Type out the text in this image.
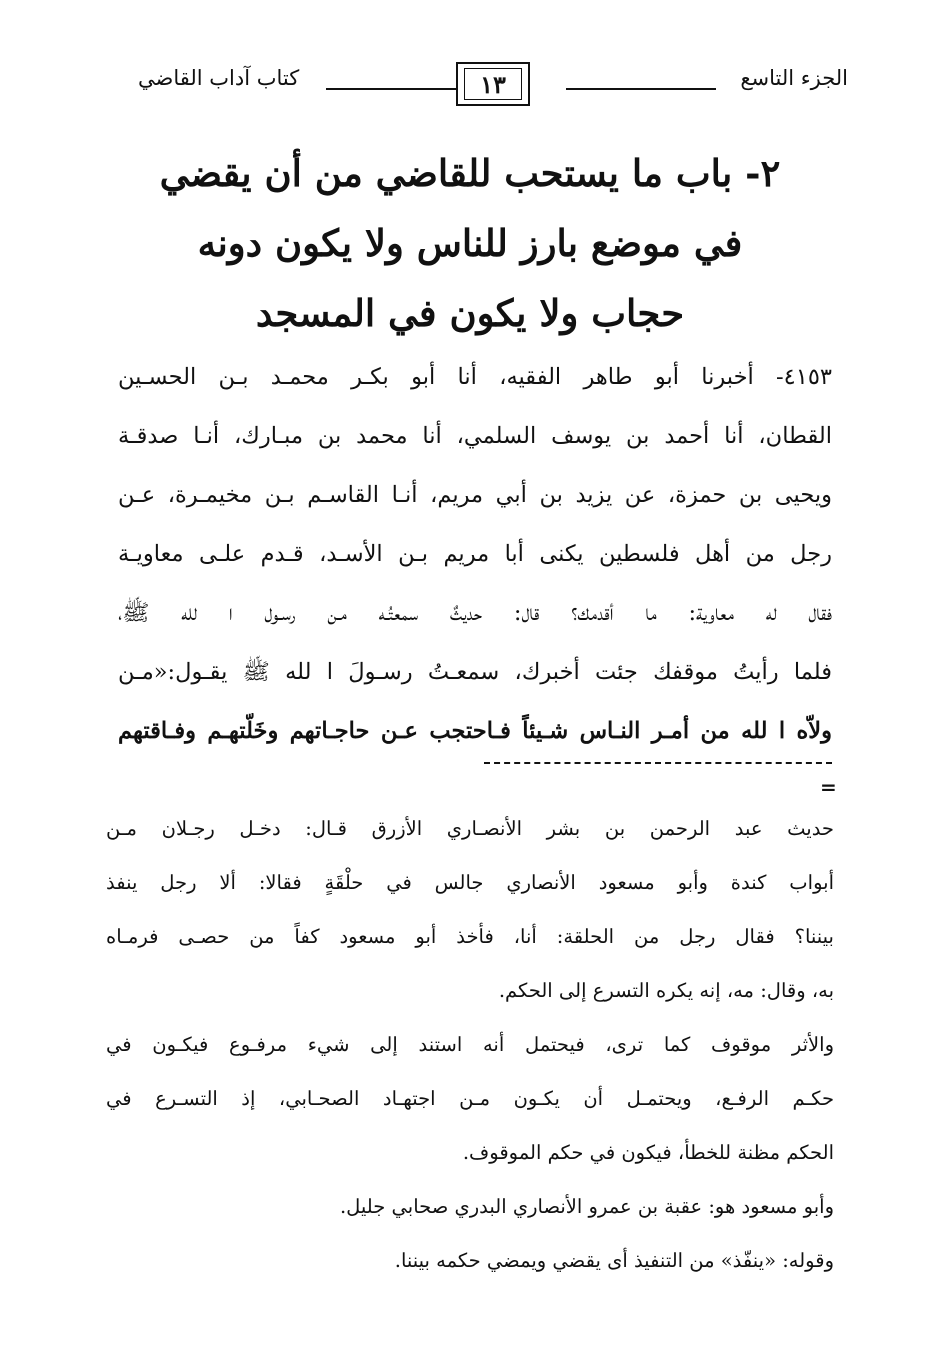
الجزء التاسع
١٣
كتاب آداب القاضي
٢- باب ما يستحب للقاضي من أن يقضي
في موضع بارز للناس ولا يكون دونه
حجاب ولا يكون في المسجد
٤١٥٣- أخبرنا أبو طاهر الفقيه، أنا أبو بكـر محمـد بـن الحسـين
القطان، أنا أحمد بن يوسف السلمي، أنا محمد بن مبـارك، أنـا صدقـة
ويحيى بن حمزة، عن يزيد بن أبي مريم، أنـا القاسـم بـن مخيمـرة، عـن
رجل من أهل فلسطين يكنى أبا مريم بـن الأسـد، قـدم علـى معاويـة
فقال له معاوية: ما أقدمك؟ قال: حديثٌ سمعتُـه مـن رسـول ا لله ﷺ،
فلما رأيتُ موقفك جئت أخبرك، سمعـتُ رسـولَ ا لله ﷺ يقـول:«مـن
ولاّه ا لله من أمـر النـاس شـيئاً فـاحتجب عـن حاجـاتهم وخَلّتهـم وفـاقتهم
=
حديث عبد الرحمن بن بشر الأنصـاري الأزرق قـال: دخـل رجـلان مـن
أبواب كندة وأبو مسعود الأنصاري جالس في حلْقَةٍ فقالا: ألا رجل ينفذ
بيننا؟ فقال رجل من الحلقة: أنا، فأخذ أبو مسعود كفاً من حصـى فرمـاه
به، وقال: مه، إنه يكره التسرع إلى الحكم.
والأثر موقوف كما ترى، فيحتمل أنه استند إلى شيء مرفـوع فيكـون في
حكـم الرفـع، ويحتمـل أن يكـون مـن اجتهـاد الصحـابي، إذ التسـرع في
الحكم مظنة للخطأ، فيكون في حكم الموقوف.
وأبو مسعود هو: عقبة بن عمرو الأنصاري البدري صحابي جليل.
وقوله: «ينفّذ» من التنفيذ أى يقضي ويمضي حكمه بيننا.
